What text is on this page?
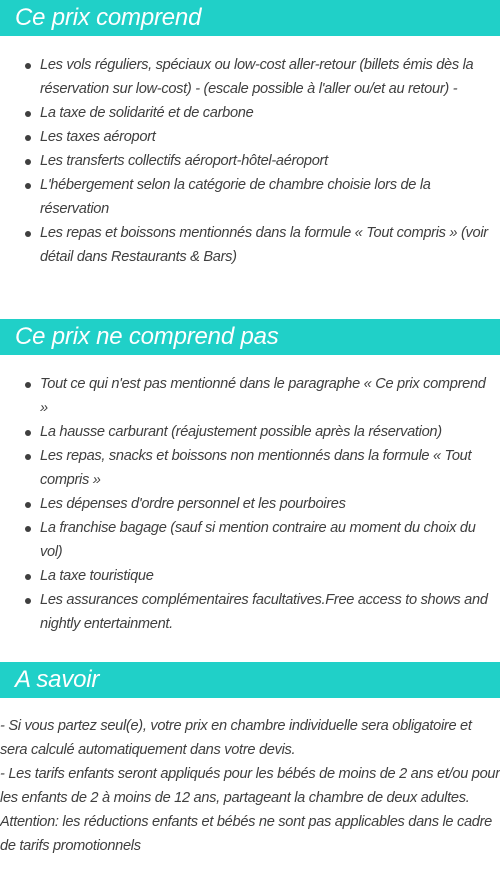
Ce prix comprend
Les vols réguliers, spéciaux ou low-cost aller-retour (billets émis dès la réservation sur low-cost) - (escale possible à l'aller ou/et au retour) -
La taxe de solidarité et de carbone
Les taxes aéroport
Les transferts collectifs aéroport-hôtel-aéroport
L'hébergement selon la catégorie de chambre choisie lors de la réservation
Les repas et boissons mentionnés dans la formule « Tout compris » (voir détail dans Restaurants & Bars)
Ce prix ne comprend pas
Tout ce qui n'est pas mentionné dans le paragraphe « Ce prix comprend »
La hausse carburant (réajustement possible après la réservation)
Les repas, snacks et boissons non mentionnés dans la formule « Tout compris »
Les dépenses d'ordre personnel et les pourboires
La franchise bagage (sauf si mention contraire au moment du choix du vol)
La taxe touristique
Les assurances complémentaires facultatives.Free access to shows and nightly entertainment.
A savoir
- Si vous partez seul(e), votre prix en chambre individuelle sera obligatoire et sera calculé automatiquement dans votre devis.
- Les tarifs enfants seront appliqués pour les bébés de moins de 2 ans et/ou pour les enfants de 2 à moins de 12 ans, partageant la chambre de deux adultes.
Attention: les réductions enfants et bébés ne sont pas applicables dans le cadre de tarifs promotionnels
